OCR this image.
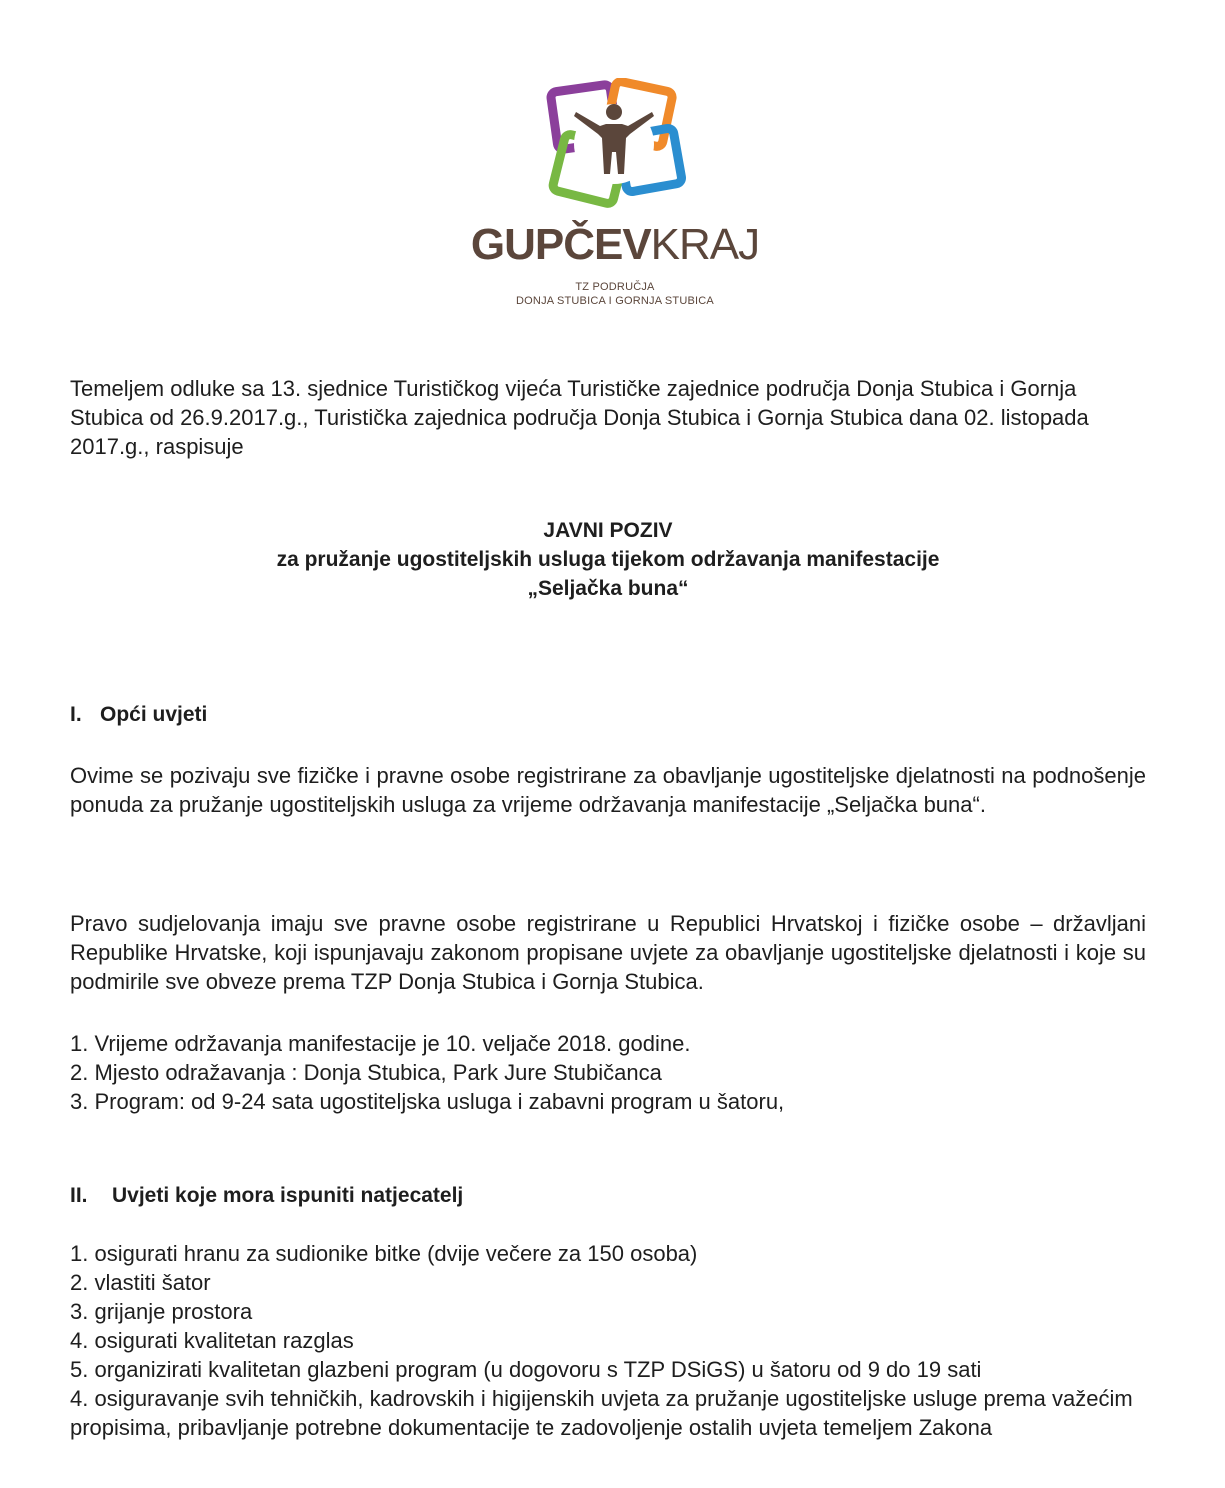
GUPČEVKRAJ
TZ PODRUČJA
DONJA STUBICA I GORNJA STUBICA
Temeljem odluke sa 13. sjednice Turističkog vijeća Turističke zajednice područja Donja Stubica i Gornja Stubica od 26.9.2017.g., Turistička zajednica područja Donja Stubica i Gornja Stubica dana 02. listopada 2017.g., raspisuje
JAVNI POZIV
za pružanje ugostiteljskih usluga tijekom održavanja manifestacije
„Seljačka buna“
I. Opći uvjeti
Ovime se pozivaju sve fizičke i pravne osobe registrirane za obavljanje ugostiteljske djelatnosti na podnošenje ponuda za pružanje ugostiteljskih usluga za vrijeme održavanja manifestacije „Seljačka buna“.
Pravo sudjelovanja imaju sve pravne osobe registrirane u Republici Hrvatskoj i fizičke osobe – državljani Republike Hrvatske, koji ispunjavaju zakonom propisane uvjete za obavljanje ugostiteljske djelatnosti i koje su podmirile sve obveze prema TZP Donja Stubica i Gornja Stubica.
1. Vrijeme održavanja manifestacije je 10. veljače 2018. godine.
2. Mjesto odražavanja : Donja Stubica, Park Jure Stubičanca
3. Program: od 9-24 sata ugostiteljska usluga i zabavni program u šatoru,
II. Uvjeti koje mora ispuniti natjecatelj
1. osigurati hranu za sudionike bitke (dvije večere za 150 osoba)
2. vlastiti šator
3. grijanje prostora
4. osigurati kvalitetan razglas
5. organizirati kvalitetan glazbeni program (u dogovoru s TZP DSiGS) u šatoru od 9 do 19 sati
4. osiguravanje svih tehničkih, kadrovskih i higijenskih uvjeta za pružanje ugostiteljske usluge prema važećim propisima, pribavljanje potrebne dokumentacije te zadovoljenje ostalih uvjeta temeljem Zakona
